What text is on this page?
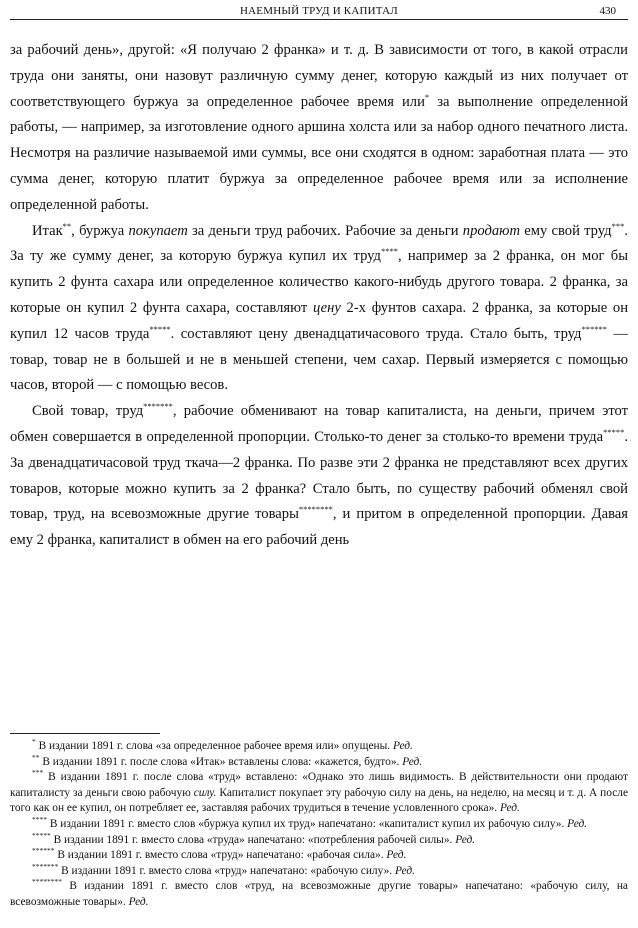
НАЕМНЫЙ ТРУД И КАПИТАЛ	430

за рабочий день», другой: «Я получаю 2 франка» и т. д. В зависимости от того, в какой отрасли труда они заняты, они назовут различную сумму денег, которую каждый из них получает от соответствующего буржуа за определенное рабочее время или* за выполнение определенной работы, — например, за изготовление одного аршина холста или за набор одного печатного листа. Несмотря на различие называемой ими суммы, все они сходятся в одном: заработная плата — это сумма денег, которую платит буржуа за определенное рабочее время или за исполнение определенной работы.

Итак**, буржуа покупает за деньги труд рабочих. Рабочие за деньги продают ему свой труд***. За ту же сумму денег, за которую буржуа купил их труд****, например за 2 франка, он мог бы купить 2 фунта сахара или определенное количество какого-нибудь другого товара. 2 франка, за которые он купил 2 фунта сахара, составляют цену 2-х фунтов сахара. 2 франка, за которые он купил 12 часов труда*****. составляют цену двенадцатичасового труда. Стало быть, труд****** — товар, товар не в большей и не в меньшей степени, чем сахар. Первый измеряется с помощью часов, второй — с помощью весов.

Свой товар, труд*******, рабочие обменивают на товар капиталиста, на деньги, причем этот обмен совершается в определенной пропорции. Столько-то денег за столько-то времени труда*****. За двенадцатичасовой труд ткача—2 франка. По разве эти 2 франка не представляют всех других товаров, которые можно купить за 2 франка? Стало быть, по существу рабочий обменял свой товар, труд, на всевозможные другие товары********, и притом в определенной пропорции. Давая ему 2 франка, капиталист в обмен на его рабочий день

* В издании 1891 г. слова «за определенное рабочее время или» опущены. Ред.

** В издании 1891 г. после слова «Итак» вставлены слова: «кажется, будто». Ред.

*** В издании 1891 г. после слова «труд» вставлено: «Однако это лишь видимость. В действительности они продают капиталисту за деньги свою рабочую силу. Капиталист покупает эту рабочую силу на день, на неделю, на месяц и т. д. А после того как он ее купил, он потребляет ее, заставляя рабочих трудиться в течение условленного срока». Ред.

**** В издании 1891 г. вместо слов «буржуа купил их труд» напечатано: «капиталист купил их рабочую силу». Ред.

***** В издании 1891 г. вместо слова «труда» напечатано: «потребления рабочей силы». Ред.

****** В издании 1891 г. вместо слова «труд» напечатано: «рабочая сила». Ред.

******* В издании 1891 г. вместо слова «труд» напечатано: «рабочую силу». Ред.

******** В издании 1891 г. вместо слов «труд, на всевозможные другие товары» напечатано: «рабочую силу, на всевозможные товары». Ред.
